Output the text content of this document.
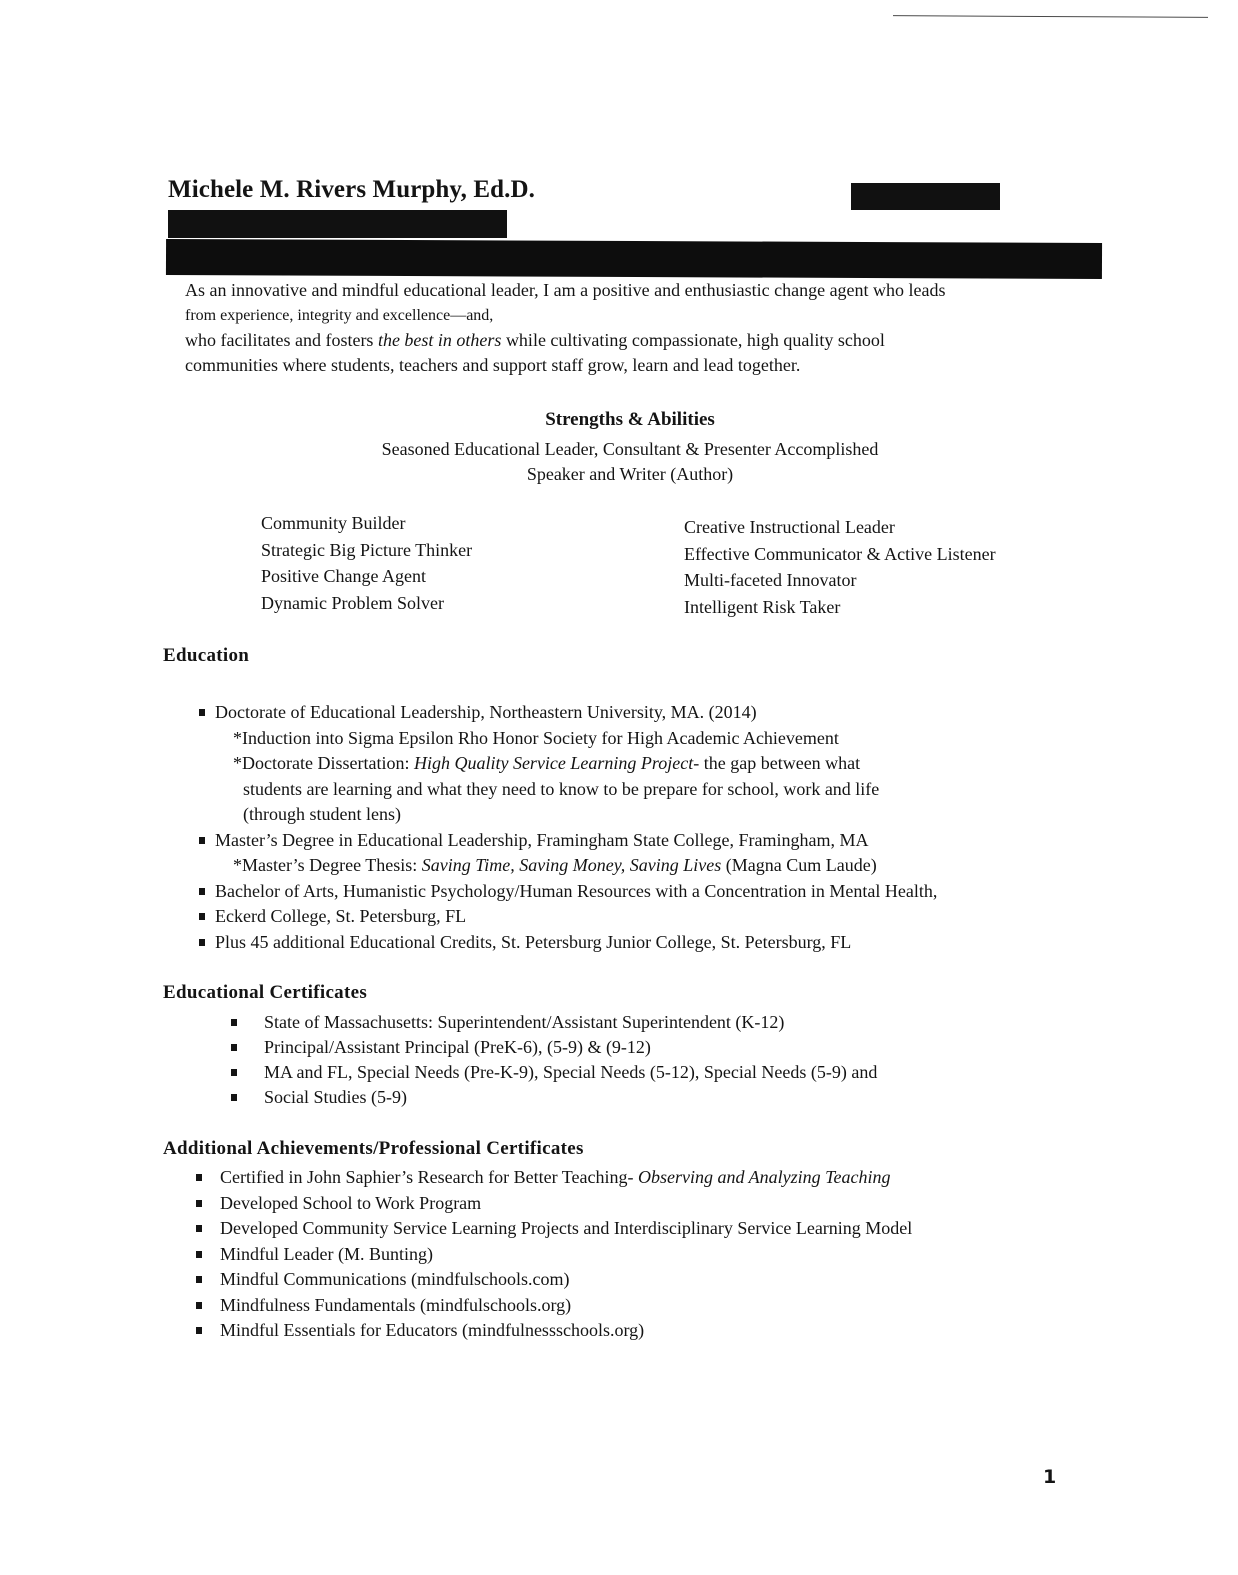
Michele M. Rivers Murphy, Ed.D.
As an innovative and mindful educational leader, I am a positive and enthusiastic change agent who leads
from experience, integrity and excellence—and,
who facilitates and fosters the best in others while cultivating compassionate, high quality school
communities where students, teachers and support staff grow, learn and lead together.
Strengths & Abilities
Seasoned Educational Leader, Consultant & Presenter Accomplished
Speaker and Writer (Author)
Community Builder
Strategic Big Picture Thinker
Positive Change Agent
Dynamic Problem Solver
Creative Instructional Leader
Effective Communicator & Active Listener
Multi-faceted Innovator
Intelligent Risk Taker
Education
Doctorate of Educational Leadership, Northeastern University, MA. (2014)
*Induction into Sigma Epsilon Rho Honor Society for High Academic Achievement
*Doctorate Dissertation: High Quality Service Learning Project- the gap between what
students are learning and what they need to know to be prepare for school, work and life
(through student lens)
Master’s Degree in Educational Leadership, Framingham State College, Framingham, MA
*Master’s Degree Thesis: Saving Time, Saving Money, Saving Lives (Magna Cum Laude)
Bachelor of Arts, Humanistic Psychology/Human Resources with a Concentration in Mental Health,
Eckerd College, St. Petersburg, FL
Plus 45 additional Educational Credits, St. Petersburg Junior College, St. Petersburg, FL
Educational Certificates
State of Massachusetts: Superintendent/Assistant Superintendent (K-12)
Principal/Assistant Principal (PreK-6), (5-9) & (9-12)
MA and FL, Special Needs (Pre-K-9), Special Needs (5-12), Special Needs (5-9) and
Social Studies (5-9)
Additional Achievements/Professional Certificates
Certified in John Saphier’s Research for Better Teaching- Observing and Analyzing Teaching
Developed School to Work Program
Developed Community Service Learning Projects and Interdisciplinary Service Learning Model
Mindful Leader (M. Bunting)
Mindful Communications (mindfulschools.com)
Mindfulness Fundamentals (mindfulschools.org)
Mindful Essentials for Educators (mindfulnessschools.org)
1
